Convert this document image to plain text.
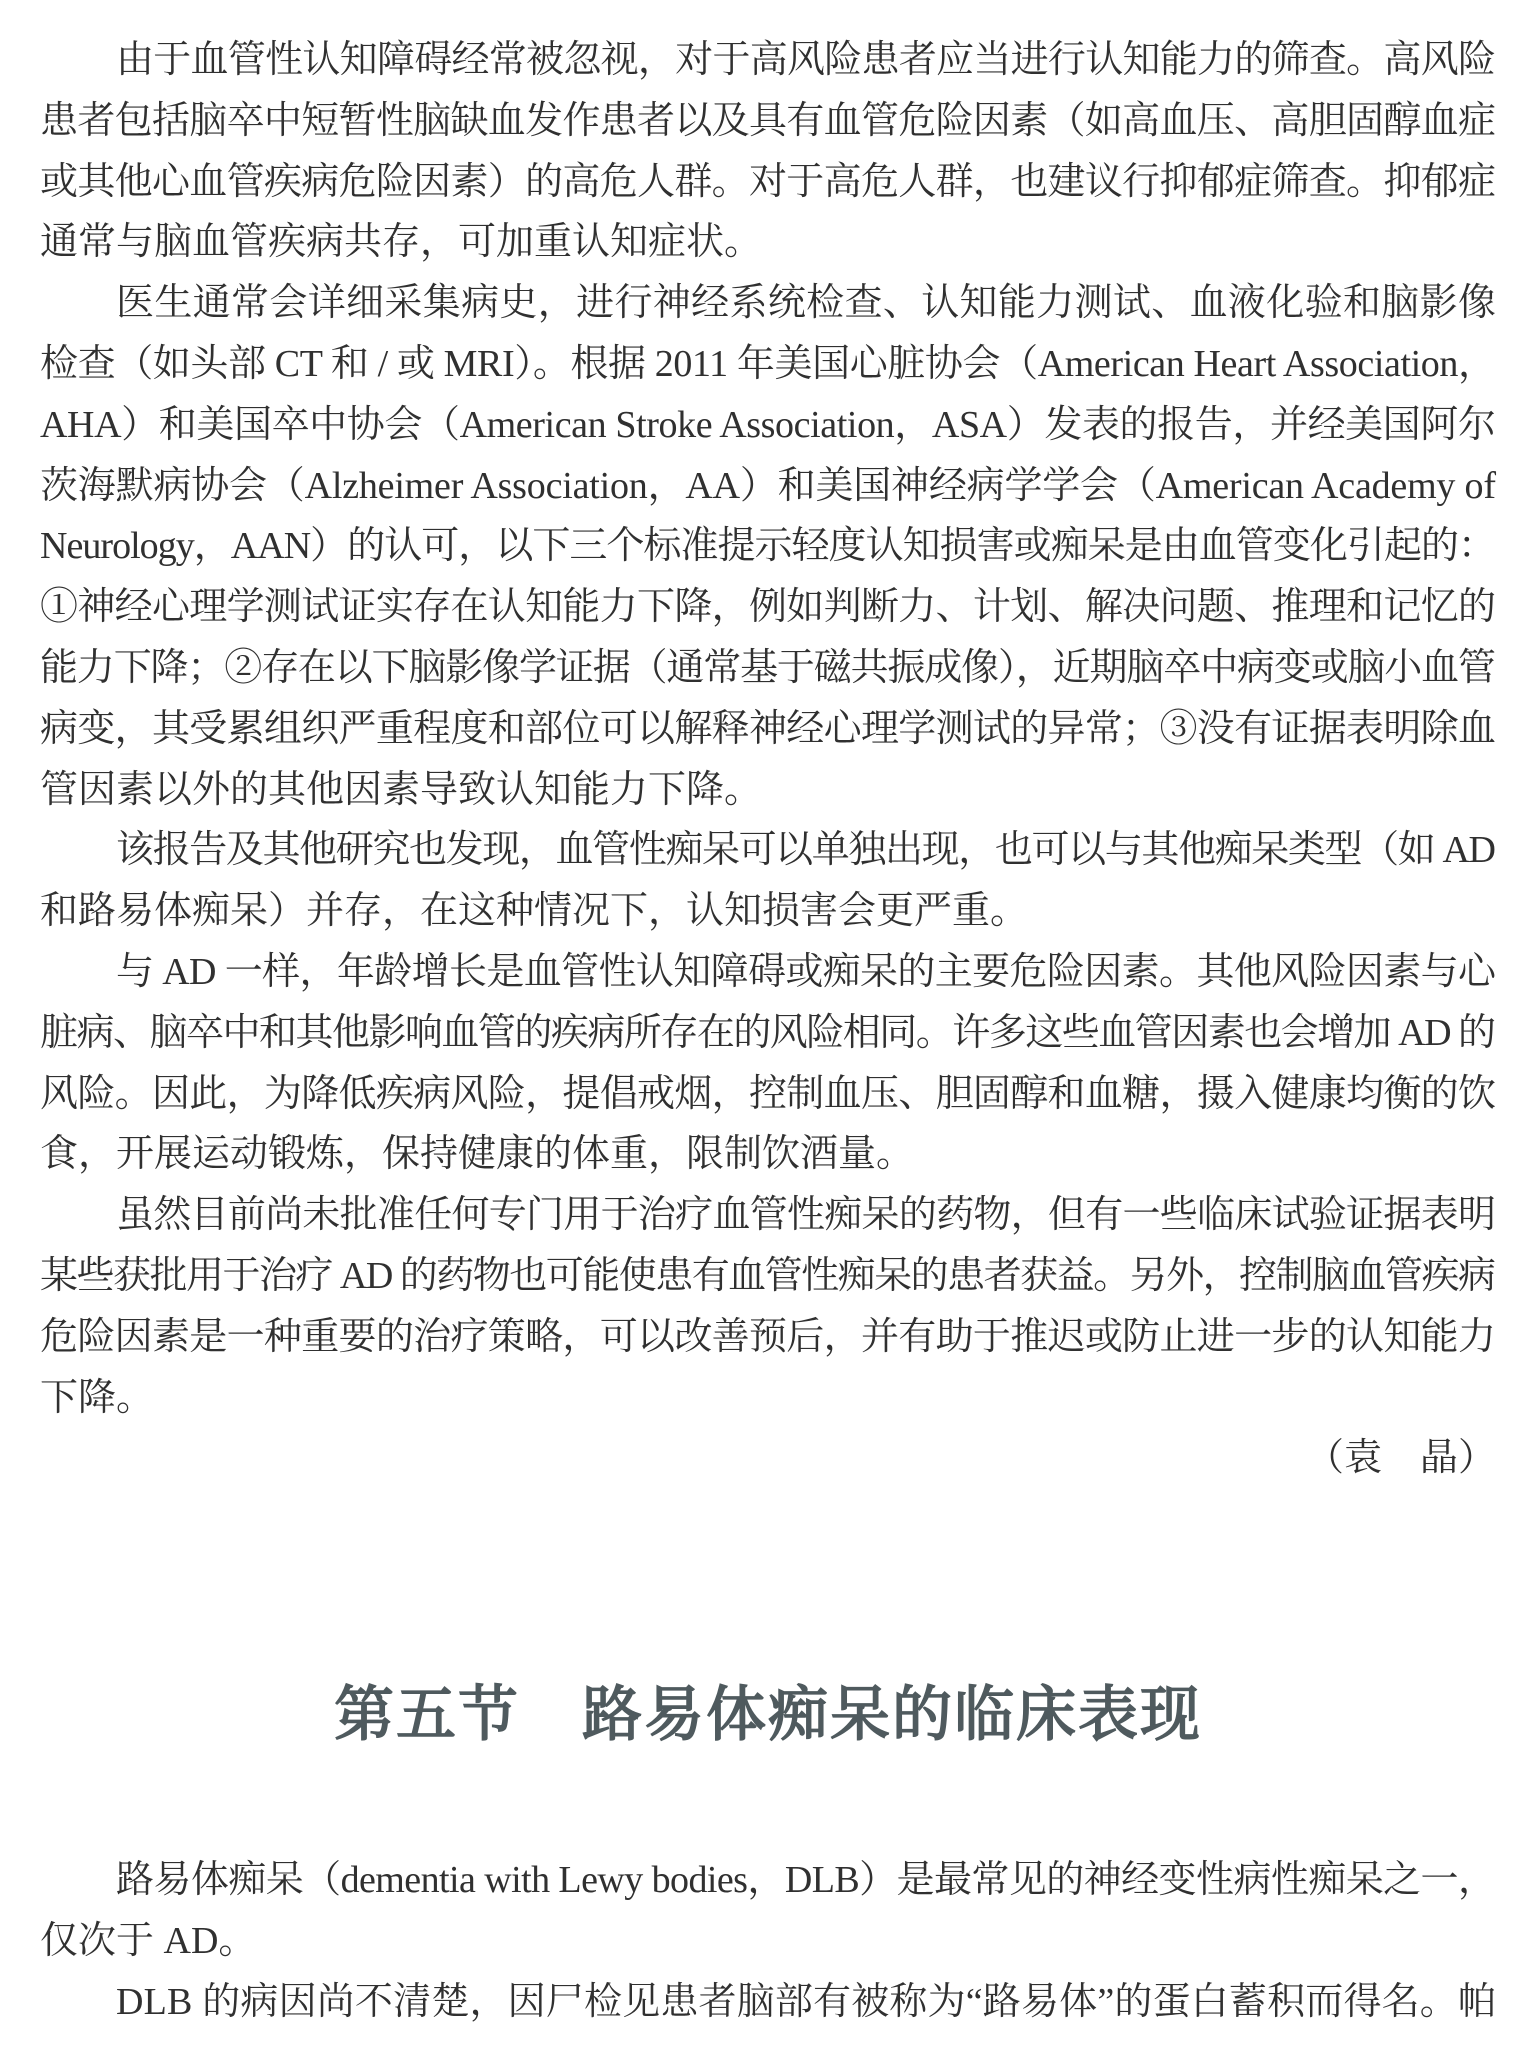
由于血管性认知障碍经常被忽视，对于高风险患者应当进行认知能力的筛查。高风险
患者包括脑卒中短暂性脑缺血发作患者以及具有血管危险因素（如高血压、高胆固醇血症
或其他心血管疾病危险因素）的高危人群。对于高危人群，也建议行抑郁症筛查。抑郁症
通常与脑血管疾病共存，可加重认知症状。
医生通常会详细采集病史，进行神经系统检查、认知能力测试、血液化验和脑影像
检查（如头部 CT 和 / 或 MRI）。根据 2011 年美国心脏协会（American Heart Association，
AHA）和美国卒中协会（American Stroke Association，ASA）发表的报告，并经美国阿尔
茨海默病协会（Alzheimer Association，AA）和美国神经病学学会（American Academy of
Neurology，AAN）的认可，以下三个标准提示轻度认知损害或痴呆是由血管变化引起的：
①神经心理学测试证实存在认知能力下降，例如判断力、计划、解决问题、推理和记忆的
能力下降；②存在以下脑影像学证据（通常基于磁共振成像），近期脑卒中病变或脑小血管
病变，其受累组织严重程度和部位可以解释神经心理学测试的异常；③没有证据表明除血
管因素以外的其他因素导致认知能力下降。
该报告及其他研究也发现，血管性痴呆可以单独出现，也可以与其他痴呆类型（如 AD
和路易体痴呆）并存，在这种情况下，认知损害会更严重。
与 AD 一样，年龄增长是血管性认知障碍或痴呆的主要危险因素。其他风险因素与心
脏病、脑卒中和其他影响血管的疾病所存在的风险相同。许多这些血管因素也会增加 AD 的
风险。因此，为降低疾病风险，提倡戒烟，控制血压、胆固醇和血糖，摄入健康均衡的饮
食，开展运动锻炼，保持健康的体重，限制饮酒量。
虽然目前尚未批准任何专门用于治疗血管性痴呆的药物，但有一些临床试验证据表明
某些获批用于治疗 AD 的药物也可能使患有血管性痴呆的患者获益。另外，控制脑血管疾病
危险因素是一种重要的治疗策略，可以改善预后，并有助于推迟或防止进一步的认知能力
下降。
（袁　晶）
第五节　路易体痴呆的临床表现
路易体痴呆（dementia with Lewy bodies，DLB）是最常见的神经变性病性痴呆之一，
仅次于 AD。
DLB 的病因尚不清楚，因尸检见患者脑部有被称为“路易体”的蛋白蓄积而得名。帕
